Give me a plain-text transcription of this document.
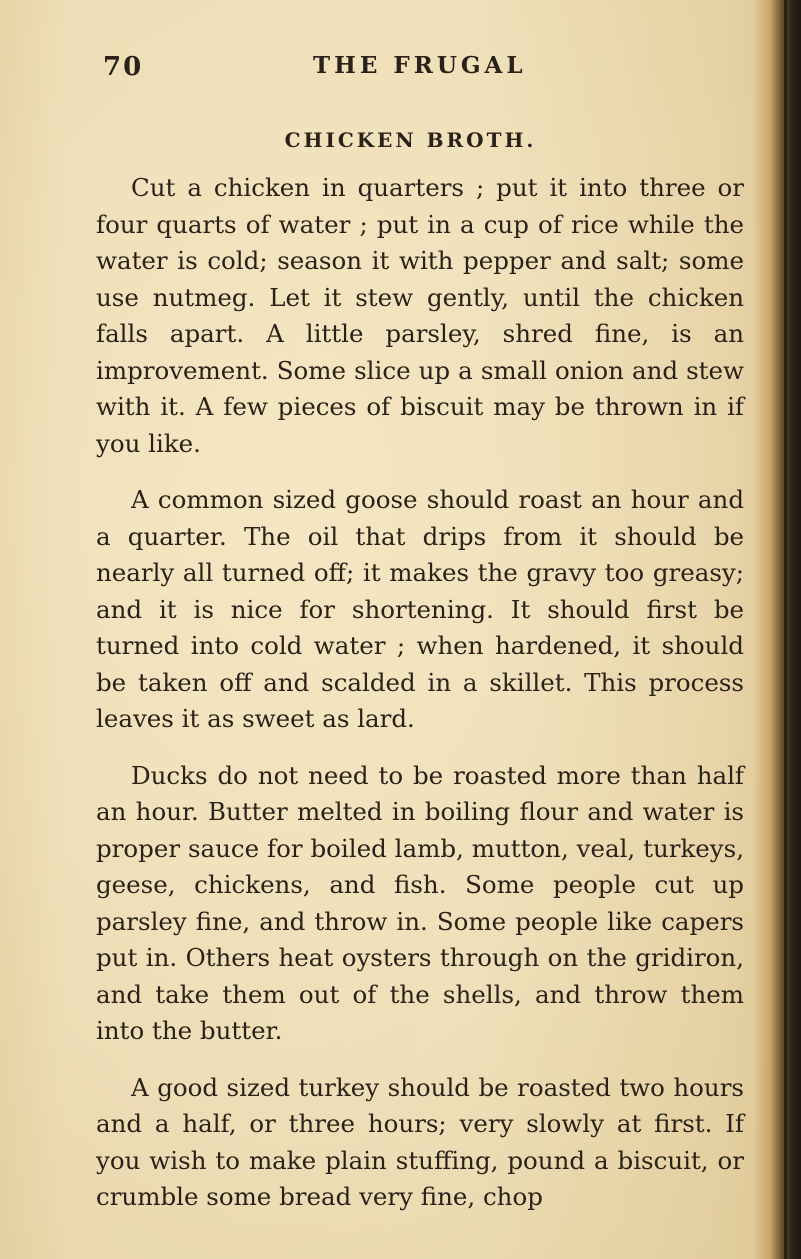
70	THE FRUGAL
CHICKEN BROTH.

Cut a chicken in quarters ; put it into three or four quarts of water ; put in a cup of rice while the water is cold; season it with pepper and salt; some use nutmeg. Let it stew gently, until the chicken falls apart. A little parsley, shred fine, is an improvement. Some slice up a small onion and stew with it. A few pieces of biscuit may be thrown in if you like.

A common sized goose should roast an hour and a quarter. The oil that drips from it should be nearly all turned off; it makes the gravy too greasy; and it is nice for shortening. It should first be turned into cold water ; when hardened, it should be taken off and scalded in a skillet. This process leaves it as sweet as lard.

Ducks do not need to be roasted more than half an hour. Butter melted in boiling flour and water is proper sauce for boiled lamb, mutton, veal, turkeys, geese, chickens, and fish. Some people cut up parsley fine, and throw in. Some people like capers put in. Others heat oysters through on the gridiron, and take them out of the shells, and throw them into the butter.

A good sized turkey should be roasted two hours and a half, or three hours; very slowly at first. If you wish to make plain stuffing, pound a biscuit, or crumble some bread very fine, chop
